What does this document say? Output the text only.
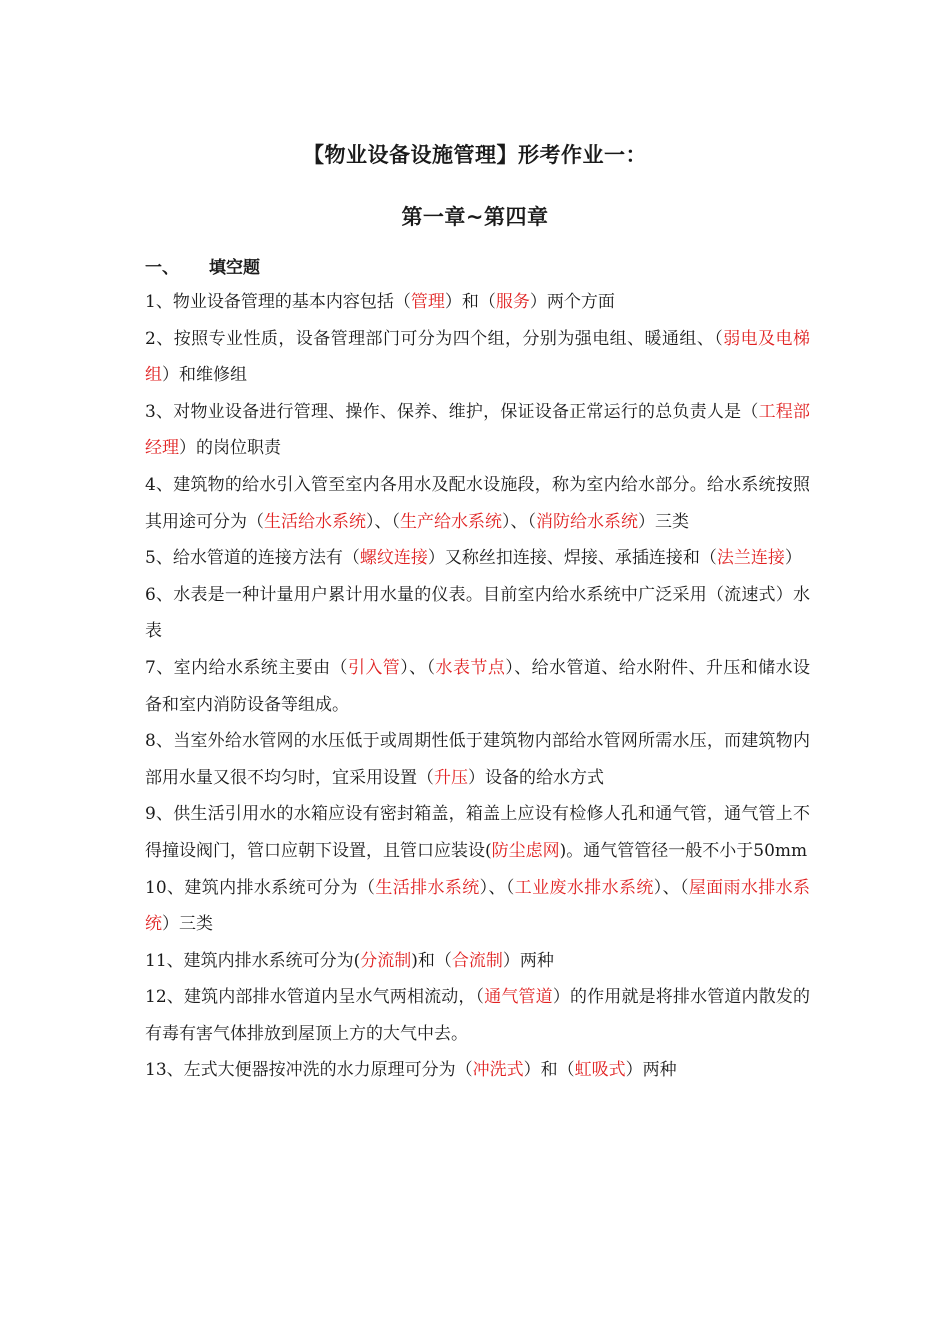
【物业设备设施管理】形考作业一：
第一章~第四章
一、 填空题
1、物业设备管理的基本内容包括（管理）和（服务）两个方面
2、按照专业性质，设备管理部门可分为四个组，分别为强电组、暖通组、（弱电及电梯组）和维修组
3、对物业设备进行管理、操作、保养、维护，保证设备正常运行的总负责人是（工程部经理）的岗位职责
4、建筑物的给水引入管至室内各用水及配水设施段，称为室内给水部分。给水系统按照其用途可分为（生活给水系统）、（生产给水系统）、（消防给水系统）三类
5、给水管道的连接方法有（螺纹连接）又称丝扣连接、焊接、承插连接和（法兰连接）
6、水表是一种计量用户累计用水量的仪表。目前室内给水系统中广泛采用（流速式）水表
7、室内给水系统主要由（引入管）、（水表节点）、给水管道、给水附件、升压和储水设备和室内消防设备等组成。
8、当室外给水管网的水压低于或周期性低于建筑物内部给水管网所需水压，而建筑物内部用水量又很不均匀时，宜采用设置（升压）设备的给水方式
9、供生活引用水的水箱应设有密封箱盖，箱盖上应设有检修人孔和通气管，通气管上不得撞设阀门，管口应朝下设置，且管口应装设(防尘虑网)。通气管管径一般不小于50mm
10、建筑内排水系统可分为（生活排水系统）、（工业废水排水系统）、（屋面雨水排水系统）三类
11、建筑内排水系统可分为(分流制)和（合流制）两种
12、建筑内部排水管道内呈水气两相流动，（通气管道）的作用就是将排水管道内散发的有毒有害气体排放到屋顶上方的大气中去。
13、左式大便器按冲洗的水力原理可分为（冲洗式）和（虹吸式）两种
